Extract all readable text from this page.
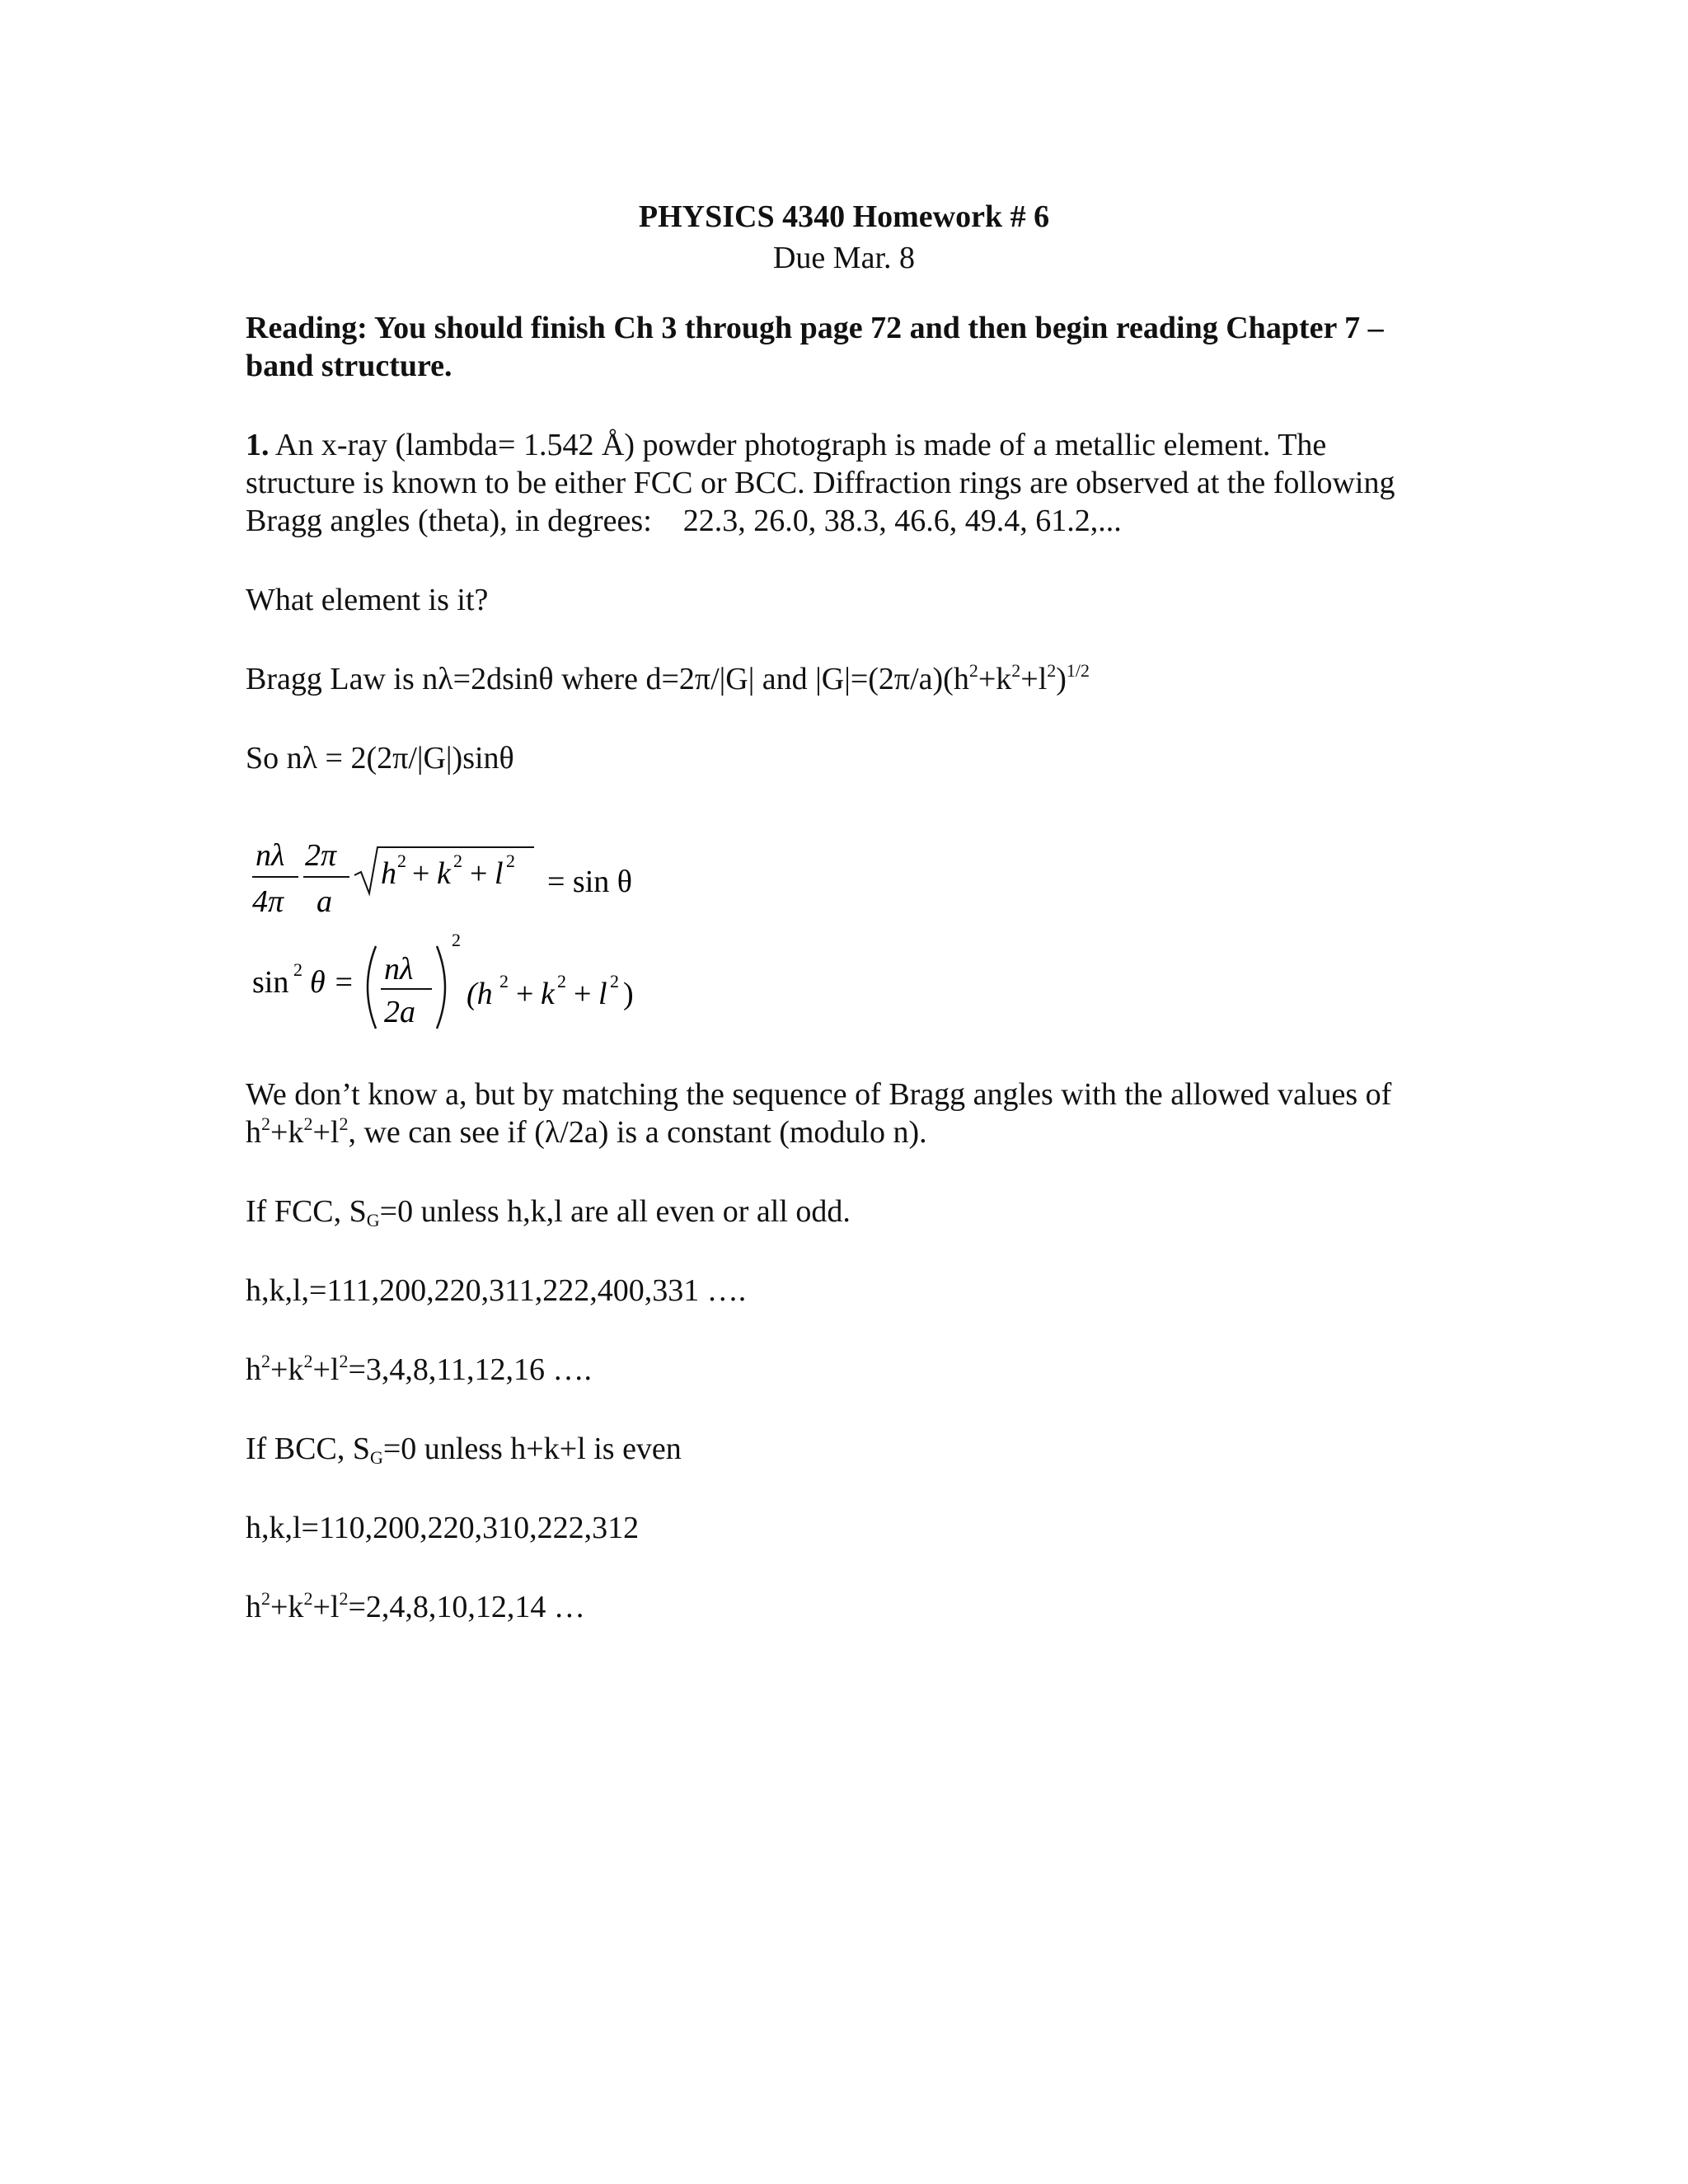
PHYSICS 4340 Homework # 6
Due Mar. 8

Reading: You should finish Ch 3 through page 72 and then begin reading Chapter 7 – band structure.

1. An x-ray (lambda= 1.542 Å) powder photograph is made of a metallic element. The structure is known to be either FCC or BCC. Diffraction rings are observed at the following Bragg angles (theta), in degrees: 22.3, 26.0, 38.3, 46.6, 49.4, 61.2,...

What element is it?

Bragg Law is nλ=2dsinθ where d=2π/|G| and $|G|=(2\pi/a)(h^2+k^2+l^2)^{1/2}$

So nλ = 2(2π/|G|)sinθ

nλ
4π
2π
a
h 2 + k 2 + l 2
= sin θ
sin 2 θ = nλ
2a
2
(h 2 + k 2 + l 2 )

We don’t know a, but by matching the sequence of Bragg angles with the allowed values of $h^2+k^2+l^2$, we can see if (λ/2a) is a constant (modulo n).

If FCC, $S_G=0$ unless h,k,l are all even or all odd.

h,k,l,=111,200,220,311,222,400,331 ….

$h^2+k^2+l^2=3,4,8,11,12,16$ ….

If BCC, $S_G=0$ unless h+k+l is even

h,k,l=110,200,220,310,222,312

$h^2+k^2+l^2=2,4,8,10,12,14$ …
